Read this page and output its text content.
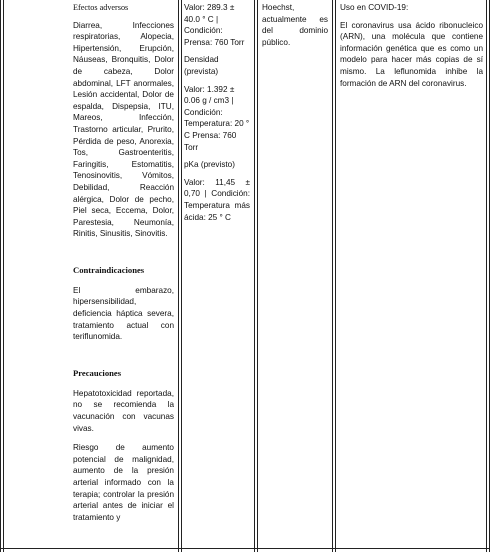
Efectos adversos

Diarrea, Infecciones respiratorias, Alopecia, Hipertensión, Erupción, Náuseas, Bronquitis, Dolor de cabeza, Dolor abdominal, LFT anormales, Lesión accidental, Dolor de espalda, Dispepsia, ITU, Mareos, Infección, Trastorno articular, Prurito, Pérdida de peso, Anorexia, Tos, Gastroenteritis, Faringitis, Estomatitis, Tenosinovitis, Vómitos, Debilidad, Reacción alérgica, Dolor de pecho, Piel seca, Eccema, Dolor, Parestesia, Neumonía, Rinitis, Sinusitis, Sinovitis.

Contraindicaciones

El embarazo, hipersensibilidad, deficiencia háptica severa, tratamiento actual con teriflunomida.

Precauciones

Hepatotoxicidad reportada, no se recomienda la vacunación con vacunas vivas.

Riesgo de aumento potencial de malignidad, aumento de la presión arterial informado con la terapia; controlar la presión arterial antes de iniciar el tratamiento y

Valor: 289.3 ± 40.0 ° C | Condición: Prensa: 760 Torr

Densidad (prevista)

Valor: 1.392 ± 0.06 g / cm3 | Condición: Temperatura: 20 ° C Prensa: 760 Torr

pKa (previsto)

Valor: 11,45 ± 0,70 | Condición: Temperatura más ácida: 25 ° C

Hoechst, actualmente es del dominio público.

Uso en COVID-19:

El coronavirus usa ácido ribonucleico (ARN), una molécula que contiene información genética que es como un modelo para hacer más copias de sí mismo. La leflunomida inhibe la formación de ARN del coronavirus.
